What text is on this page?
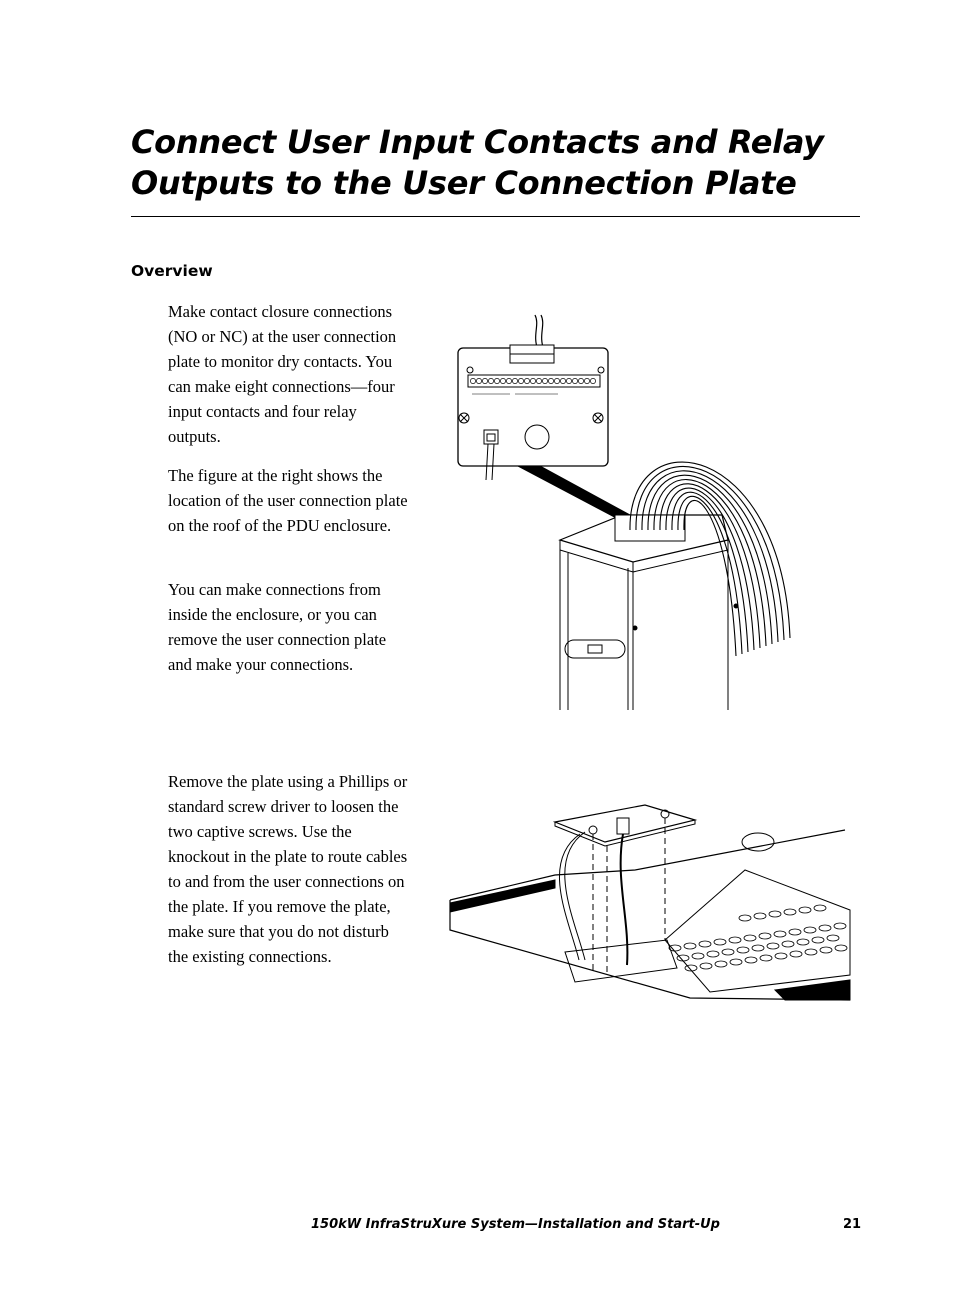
Connect User Input Contacts and Relay
Outputs to the User Connection Plate
Overview

Make contact closure connections (NO or NC) at the user connection plate to monitor dry contacts. You can make eight connections—four input contacts and four relay outputs.

The figure at the right shows the location of the user connection plate on the roof of the PDU enclosure.

You can make connections from inside the enclosure, or you can remove the user connection plate and make your connections.

Remove the plate using a Phillips or standard screw driver to loosen the two captive screws. Use the knockout in the plate to route cables to and from the user connections on the plate. If you remove the plate, make sure that you do not disturb the existing connections.

150kW InfraStruXure System—Installation and Start-Up	21
